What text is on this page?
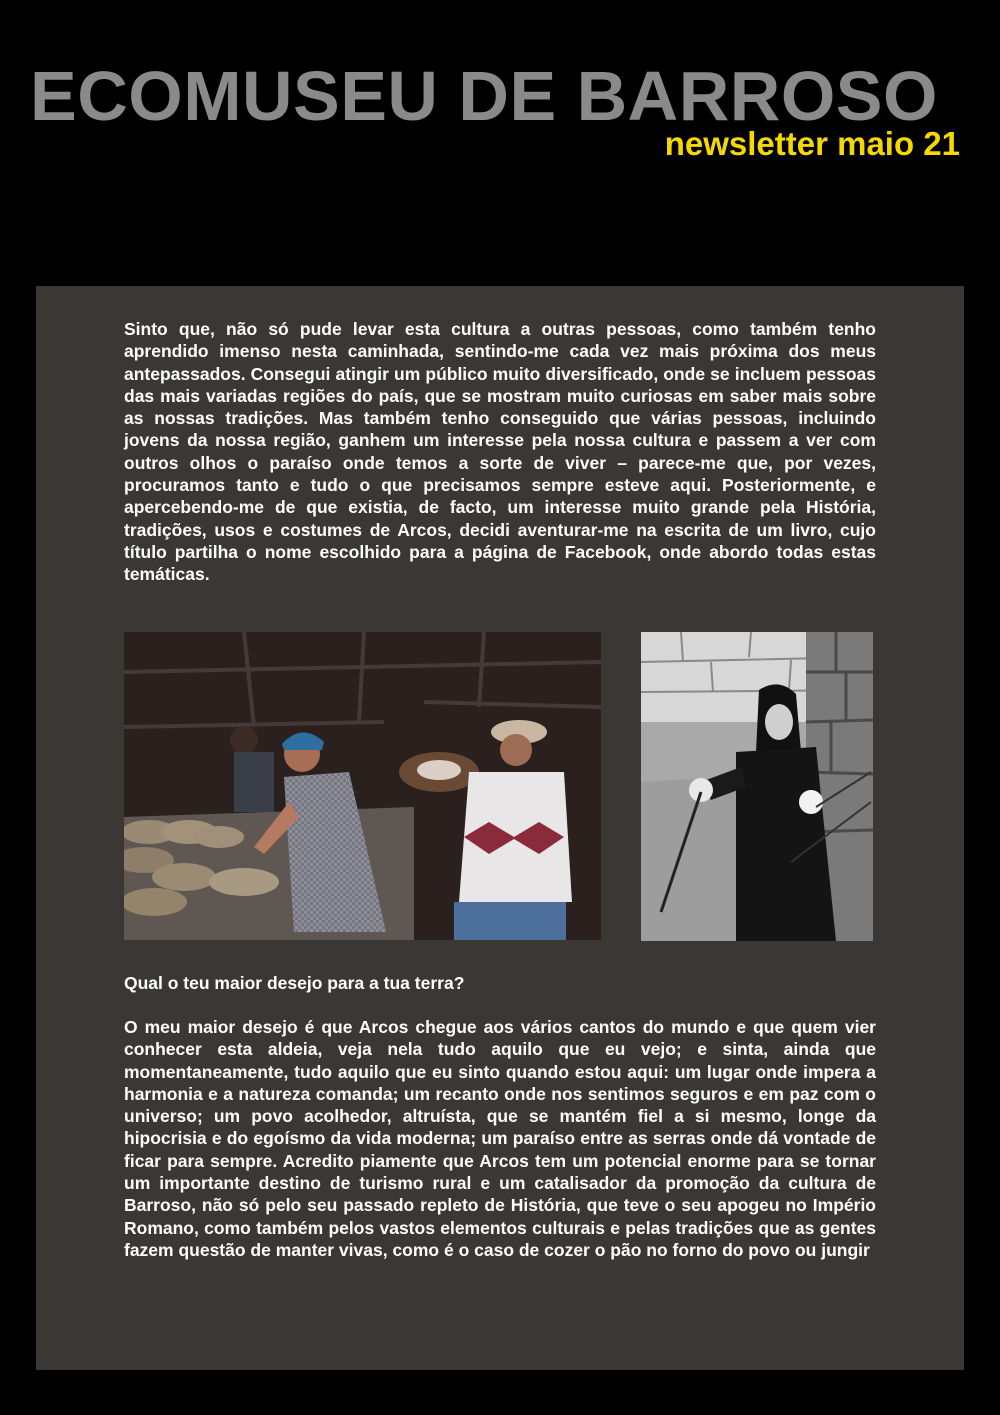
ECOMUSEU DE BARROSO
newsletter maio 21

Sinto que, não só pude levar esta cultura a outras pessoas, como também tenho aprendido imenso nesta caminhada, sentindo-me cada vez mais próxima dos meus antepassados. Consegui atingir um público muito diversificado, onde se incluem pessoas das mais variadas regiões do país, que se mostram muito curiosas em saber mais sobre as nossas tradições. Mas também tenho conseguido que várias pessoas, incluindo jovens da nossa região, ganhem um interesse pela nossa cultura e passem a ver com outros olhos o paraíso onde temos a sorte de viver – parece-me que, por vezes, procuramos tanto e tudo o que precisamos sempre esteve aqui. Posteriormente, e apercebendo-me de que existia, de facto, um interesse muito grande pela História, tradições, usos e costumes de Arcos, decidi aventurar-me na escrita de um livro, cujo título partilha o nome escolhido para a página de Facebook, onde abordo todas estas temáticas.

Qual o teu maior desejo para a tua terra?

O meu maior desejo é que Arcos chegue aos vários cantos do mundo e que quem vier conhecer esta aldeia, veja nela tudo aquilo que eu vejo; e sinta, ainda que momentaneamente, tudo aquilo que eu sinto quando estou aqui: um lugar onde impera a harmonia e a natureza comanda; um recanto onde nos sentimos seguros e em paz com o universo; um povo acolhedor, altruísta, que se mantém fiel a si mesmo, longe da hipocrisia e do egoísmo da vida moderna; um paraíso entre as serras onde dá vontade de ficar para sempre. Acredito piamente que Arcos tem um potencial enorme para se tornar um importante destino de turismo rural e um catalisador da promoção da cultura de Barroso, não só pelo seu passado repleto de História, que teve o seu apogeu no Império Romano, como também pelos vastos elementos culturais e pelas tradições que as gentes fazem questão de manter vivas, como é o caso de cozer o pão no forno do povo ou jungir
